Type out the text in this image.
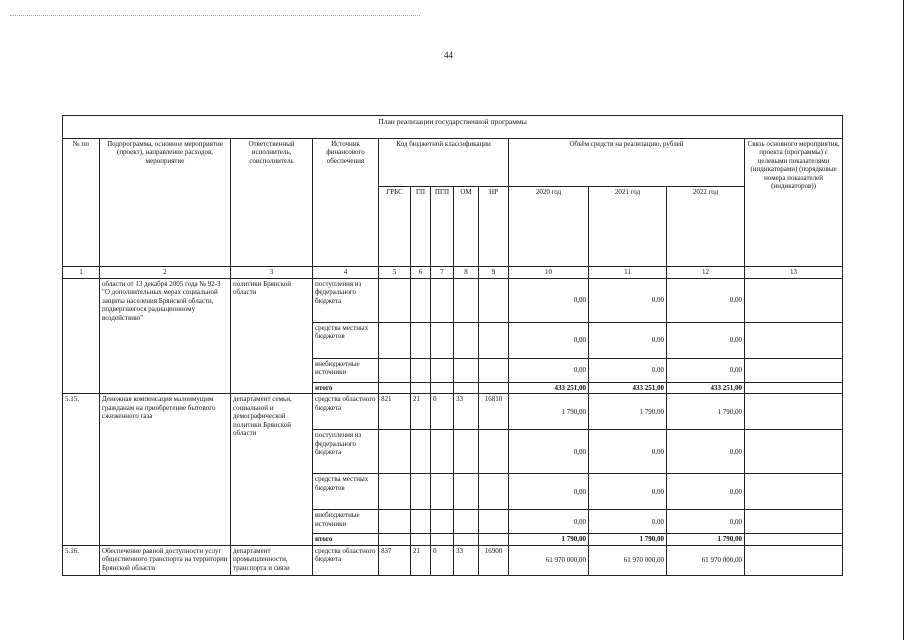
44
План реализации государственной программы												
№ пп	Подпрограмма, основное мероприятие (проект), направление расходов, мероприятие	Ответственный исполнитель, соисполнитель	Источник финансового обеспечения	Код бюджетной классификации					Объём средств на реализацию, рублей			Связь основного мероприятия, проекта (программы) с целевыми показателями (индикаторами) (порядковые номера показателей (индикаторов))
				ГРБС	ГП	ПГП	ОМ	НР	2020 год	2021 год	2022 год	
1	2	3	4	5	6	7	8	9	10	11	12	13
	области от 13 декабря 2005 года № 92-З "О дополнительных мерах социальной защиты населения Брянской области, подвергшегося радиационному воздействию"	политики Брянской области	поступления из федерального бюджета						0,00	0,00	0,00	
			средства местных бюджетов						0,00	0,00	0,00	
			внебюджетные источники						0,00	0,00	0,00	
			итого						433 251,00	433 251,00	433 251,00	
5.15.	Денежная компенсация малоимущим гражданам на приобретение бытового сжиженного газа	департамент семьи, социальной и демографической политики Брянской области	средства областного бюджета	821	21	0	33	16810	1 790,00	1 790,00	1 790,00	
			поступления из федерального бюджета						0,00	0,00	0,00	
			средства местных бюджетов						0,00	0,00	0,00	
			внебюджетные источники						0,00	0,00	0,00	
			итого						1 790,00	1 790,00	1 790,00	
5.16.	Обеспечение равной доступности услуг общественного транспорта на территории Брянской области	департамент промышленности, транспорта и связи	средства областного бюджета	837	21	0	33	16900	61 970 000,00	61 970 000,00	61 970 000,00	
